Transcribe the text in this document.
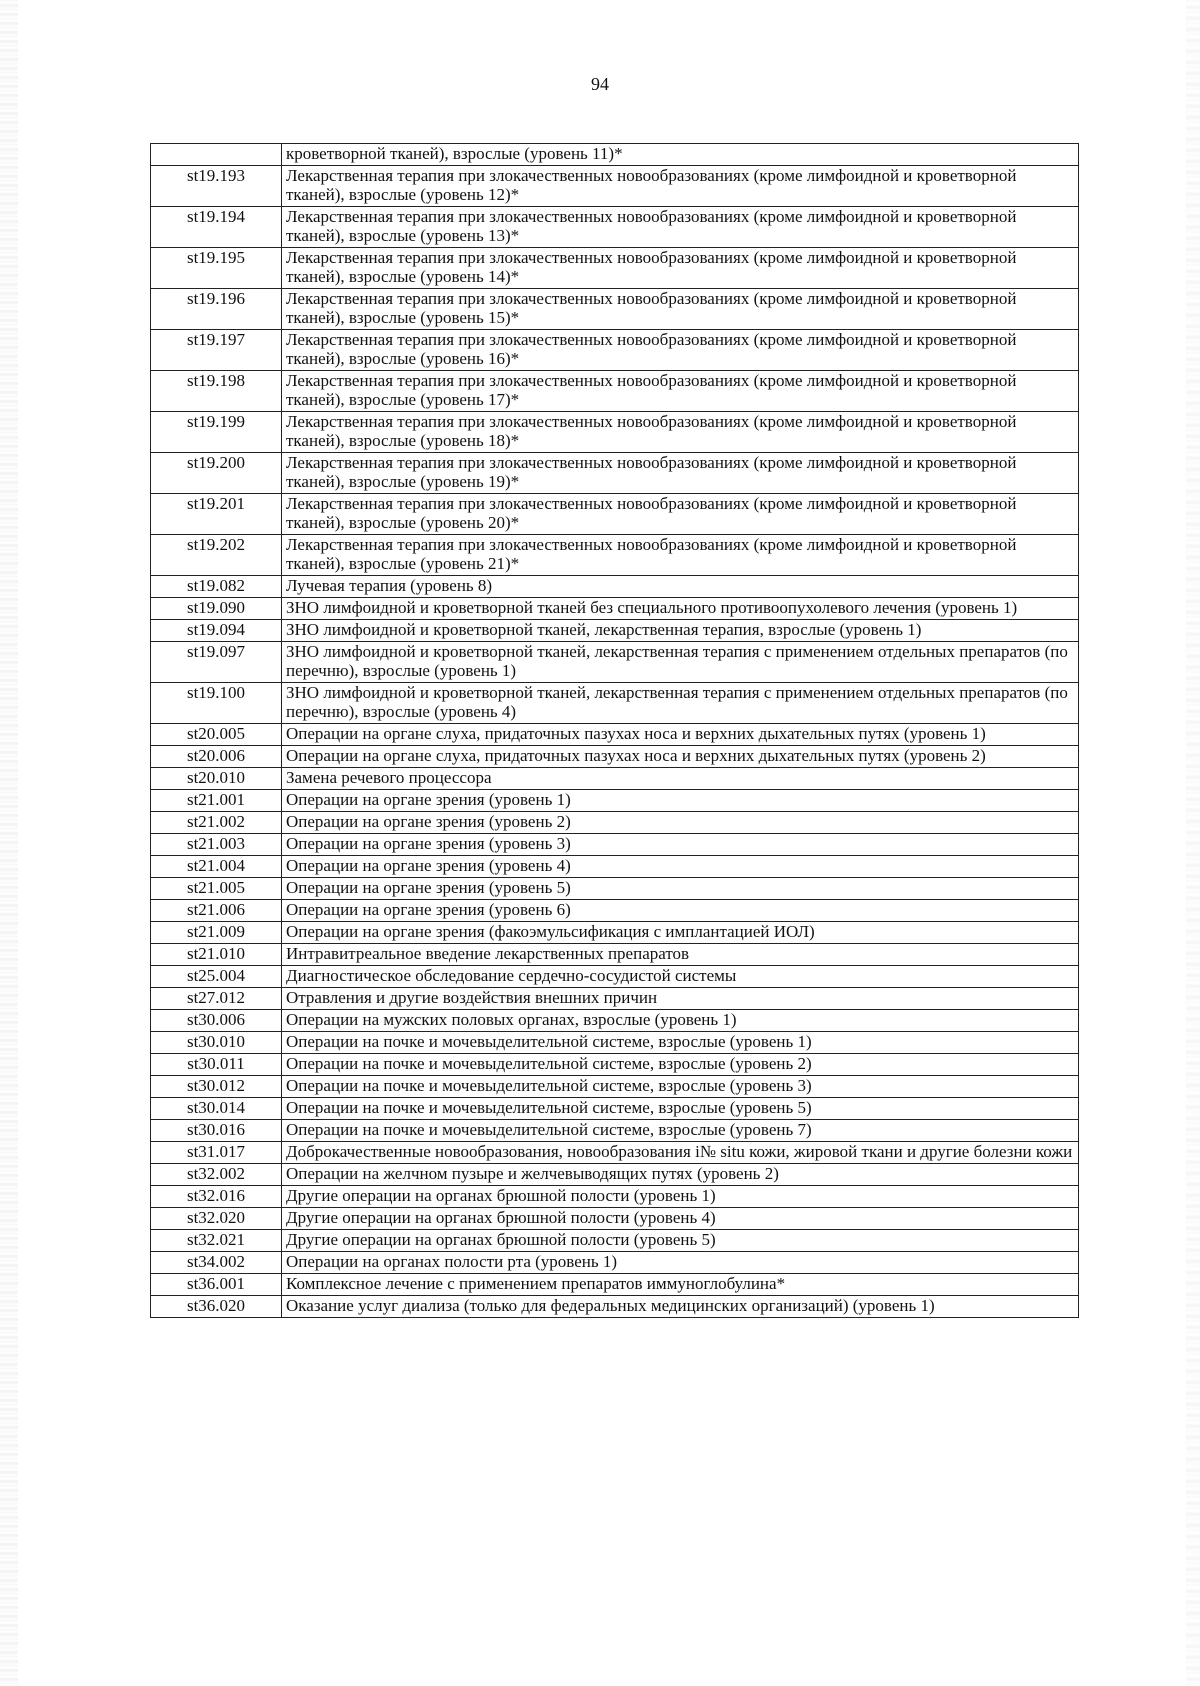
94
	кроветворной тканей), взрослые (уровень 11)*
st19.193	Лекарственная терапия при злокачественных новообразованиях (кроме лимфоидной и кроветворной тканей), взрослые (уровень 12)*
st19.194	Лекарственная терапия при злокачественных новообразованиях (кроме лимфоидной и кроветворной тканей), взрослые (уровень 13)*
st19.195	Лекарственная терапия при злокачественных новообразованиях (кроме лимфоидной и кроветворной тканей), взрослые (уровень 14)*
st19.196	Лекарственная терапия при злокачественных новообразованиях (кроме лимфоидной и кроветворной тканей), взрослые (уровень 15)*
st19.197	Лекарственная терапия при злокачественных новообразованиях (кроме лимфоидной и кроветворной тканей), взрослые (уровень 16)*
st19.198	Лекарственная терапия при злокачественных новообразованиях (кроме лимфоидной и кроветворной тканей), взрослые (уровень 17)*
st19.199	Лекарственная терапия при злокачественных новообразованиях (кроме лимфоидной и кроветворной тканей), взрослые (уровень 18)*
st19.200	Лекарственная терапия при злокачественных новообразованиях (кроме лимфоидной и кроветворной тканей), взрослые (уровень 19)*
st19.201	Лекарственная терапия при злокачественных новообразованиях (кроме лимфоидной и кроветворной тканей), взрослые (уровень 20)*
st19.202	Лекарственная терапия при злокачественных новообразованиях (кроме лимфоидной и кроветворной тканей), взрослые (уровень 21)*
st19.082	Лучевая терапия (уровень 8)
st19.090	ЗНО лимфоидной и кроветворной тканей без специального противоопухолевого лечения (уровень 1)
st19.094	ЗНО лимфоидной и кроветворной тканей, лекарственная терапия, взрослые (уровень 1)
st19.097	ЗНО лимфоидной и кроветворной тканей, лекарственная терапия с применением отдельных препаратов (по перечню), взрослые (уровень 1)
st19.100	ЗНО лимфоидной и кроветворной тканей, лекарственная терапия с применением отдельных препаратов (по перечню), взрослые (уровень 4)
st20.005	Операции на органе слуха, придаточных пазухах носа и верхних дыхательных путях (уровень 1)
st20.006	Операции на органе слуха, придаточных пазухах носа и верхних дыхательных путях (уровень 2)
st20.010	Замена речевого процессора
st21.001	Операции на органе зрения (уровень 1)
st21.002	Операции на органе зрения (уровень 2)
st21.003	Операции на органе зрения (уровень 3)
st21.004	Операции на органе зрения (уровень 4)
st21.005	Операции на органе зрения (уровень 5)
st21.006	Операции на органе зрения (уровень 6)
st21.009	Операции на органе зрения (факоэмульсификация с имплантацией ИОЛ)
st21.010	Интравитреальное введение лекарственных препаратов
st25.004	Диагностическое обследование сердечно-сосудистой системы
st27.012	Отравления и другие воздействия внешних причин
st30.006	Операции на мужских половых органах, взрослые (уровень 1)
st30.010	Операции на почке и мочевыделительной системе, взрослые (уровень 1)
st30.011	Операции на почке и мочевыделительной системе, взрослые (уровень 2)
st30.012	Операции на почке и мочевыделительной системе, взрослые (уровень 3)
st30.014	Операции на почке и мочевыделительной системе, взрослые (уровень 5)
st30.016	Операции на почке и мочевыделительной системе, взрослые (уровень 7)
st31.017	Доброкачественные новообразования, новообразования i№ situ кожи, жировой ткани и другие болезни кожи
st32.002	Операции на желчном пузыре и желчевыводящих путях (уровень 2)
st32.016	Другие операции на органах брюшной полости (уровень 1)
st32.020	Другие операции на органах брюшной полости (уровень 4)
st32.021	Другие операции на органах брюшной полости (уровень 5)
st34.002	Операции на органах полости рта (уровень 1)
st36.001	Комплексное лечение с применением препаратов иммуноглобулина*
st36.020	Оказание услуг диализа (только для федеральных медицинских организаций) (уровень 1)
